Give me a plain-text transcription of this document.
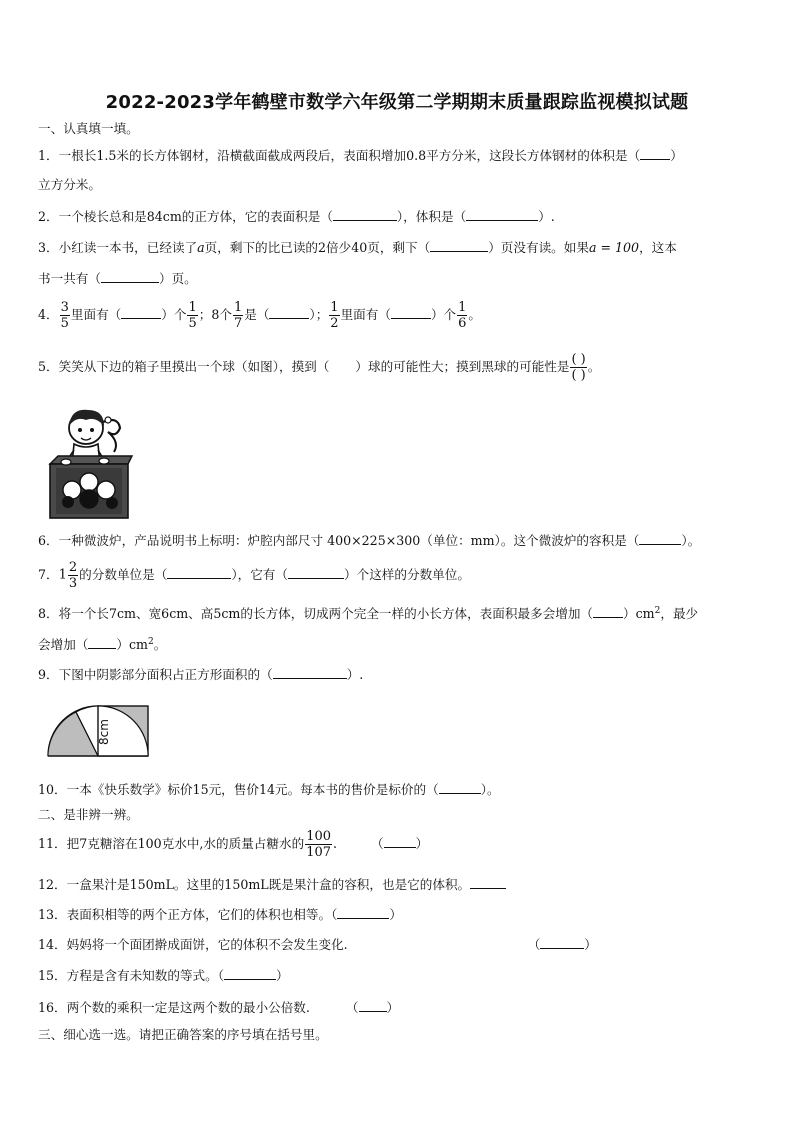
2022-2023学年鹤壁市数学六年级第二学期期末质量跟踪监视模拟试题
一、认真填一填。
1．一根长1.5米的长方体钢材，沿横截面截成两段后，表面积增加0.8平方分米，这段长方体钢材的体积是（ ）
立方分米。
2．一个棱长总和是84cm的正方体，它的表面积是（	），体积是（	）.
3．小红读一本书，已经读了a页，剩下的比已读的2倍少40页，剩下（	）页没有读。如果a = 100，这本
书一共有（	）页。
4． $\frac{3}{5}$ 里面有（	）个 $\frac{1}{5}$ ；8个 $\frac{1}{7}$ 是（	）； $\frac{1}{2}$ 里面有（	）个 $\frac{1}{6}$ 。
5．笑笑从下边的箱子里摸出一个球（如图），摸到（ ）球的可能性大；摸到黑球的可能性是 $\frac{( )}{( )}$ 。
6．一种微波炉，产品说明书上标明：炉腔内部尺寸 400×225×300（单位：mm）。这个微波炉的容积是（	）。
7．$1 \frac{2}{3}$ 的分数单位是（	），它有（	）个这样的分数单位。
8．将一个长7cm、宽6cm、高5cm的长方体，切成两个完全一样的小长方体，表面积最多会增加（ ）$cm^2$，最少
会增加（ ）$cm^2$。
9．下图中阴影部分面积占正方形面积的（	）.
8cm
10．一本《快乐数学》标价15元，售价14元。每本书的售价是标价的（	）。
二、是非辨一辨。
11．把7克糖溶在100克水中,水的质量占糖水的 $\frac{100}{107}$ .	（	）
12．一盒果汁是150mL。这里的150mL既是果汁盒的容积，也是它的体积。
13．表面积相等的两个正方体，它们的体积也相等。（	）
14．妈妈将一个面团擀成面饼，它的体积不会发生变化.	（	）
15．方程是含有未知数的等式。（	）
16．两个数的乘积一定是这两个数的最小公倍数.	（ ）
三、细心选一选。请把正确答案的序号填在括号里。
